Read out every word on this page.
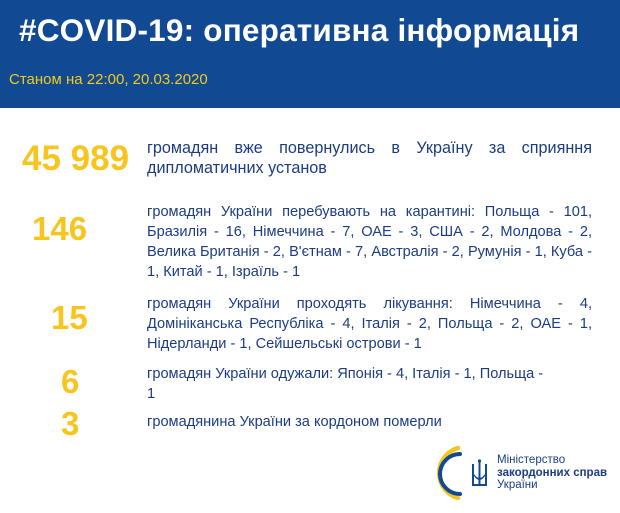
#COVID-19: оперативна інформація
Станом на 22:00, 20.03.2020
45 989 громадян вже повернулись в Україну за сприяння дипломатичних установ
146	громадян України перебувають на карантині: Польща - 101, Бразилія - 16, Німеччина - 7, ОАЕ - 3, США - 2, Молдова - 2, Велика Британія - 2, В'єтнам - 7, Австралія - 2, Румунія - 1, Куба - 1, Китай - 1, Ізраїль - 1
15	громадян України проходять лікування: Німеччина - 4, Домініканська Республіка - 4, Італія - 2, Польща - 2, ОАЕ - 1, Нідерланди - 1, Сейшельські острови - 1
6	громадян України одужали: Японія - 4, Італія - 1, Польща - 1
3	громадянина України за кордоном померли
Міністерство
закордонних справ
України
